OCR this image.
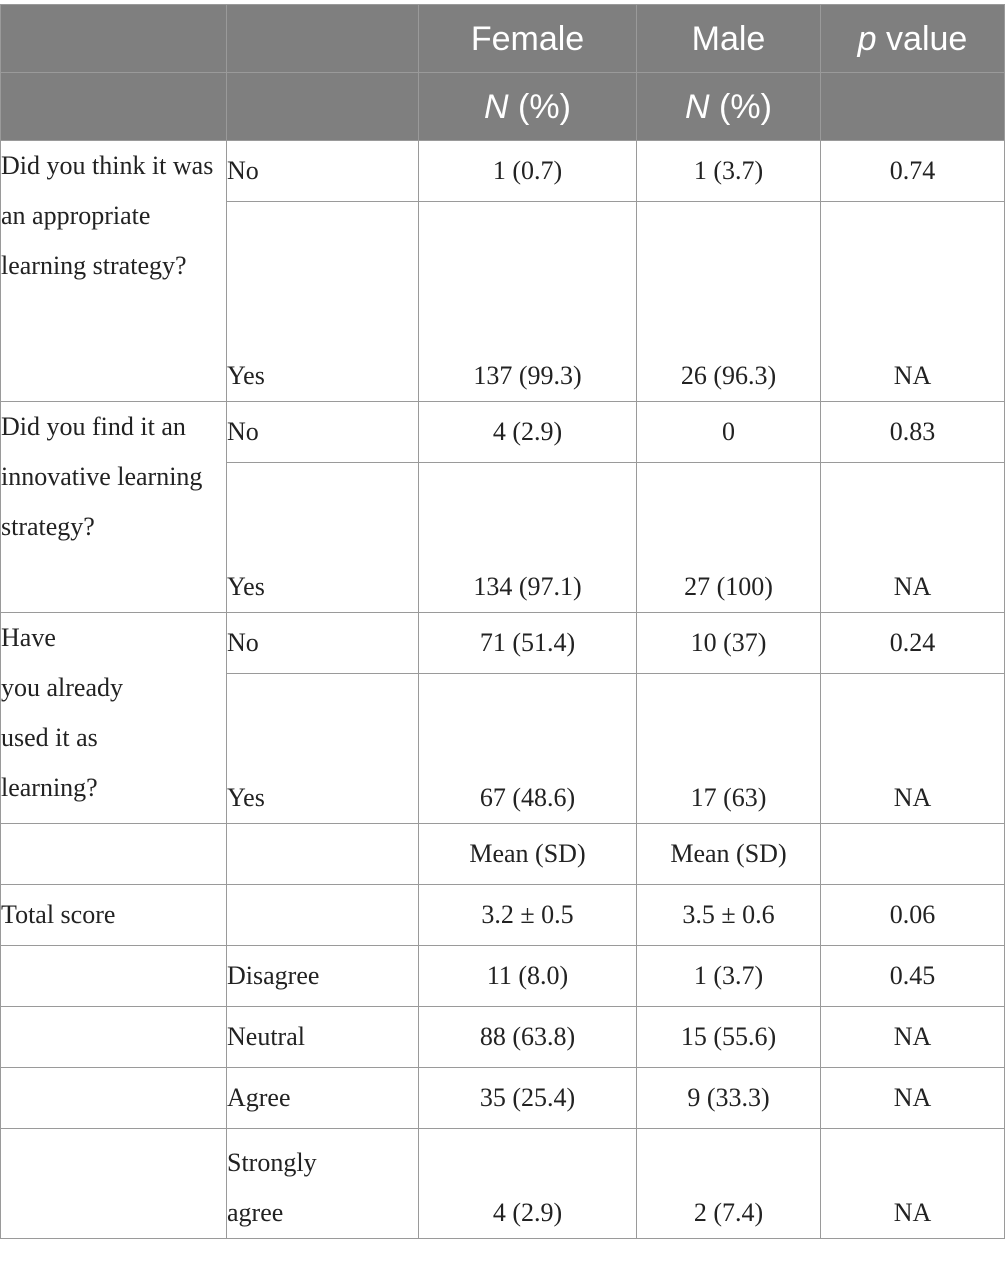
		Female	Male	p value
		N (%)	N (%)	
Did you think it was an appropriate learning strategy?	No	1 (0.7)	1 (3.7)	0.74
	Yes	137 (99.3)	26 (96.3)	NA
Did you find it an innovative learning strategy?	No	4 (2.9)	0	0.83
	Yes	134 (97.1)	27 (100)	NA
Have
you already
used it as
learning?	No	71 (51.4)	10 (37)	0.24
	Yes	67 (48.6)	17 (63)	NA
		Mean (SD)	Mean (SD)	
Total score		3.2 ± 0.5	3.5 ± 0.6	0.06
	Disagree	11 (8.0)	1 (3.7)	0.45
	Neutral	88 (63.8)	15 (55.6)	NA
	Agree	35 (25.4)	9 (33.3)	NA
	Strongly agree	4 (2.9)	2 (7.4)	NA
